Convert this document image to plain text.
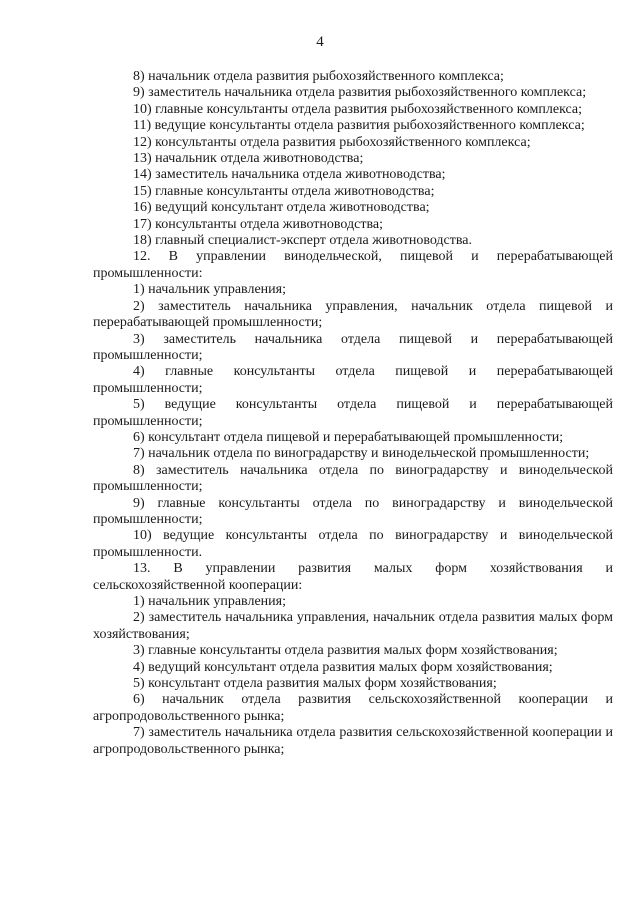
4

8) начальник отдела развития рыбохозяйственного комплекса;

9) заместитель начальника отдела развития рыбохозяйственного комплекса;

10) главные консультанты отдела развития рыбохозяйственного комплекса;

11) ведущие консультанты отдела развития рыбохозяйственного комплекса;

12) консультанты отдела развития рыбохозяйственного комплекса;

13) начальник отдела животноводства;

14) заместитель начальника отдела животноводства;

15) главные консультанты отдела животноводства;

16) ведущий консультант отдела животноводства;

17) консультанты отдела животноводства;

18) главный специалист-эксперт отдела животноводства.

12. В управлении винодельческой, пищевой и перерабатывающей промышленности:

1) начальник управления;

2) заместитель начальника управления, начальник отдела пищевой и перерабатывающей промышленности;

3) заместитель начальника отдела пищевой и перерабатывающей промышленности;

4) главные консультанты отдела пищевой и перерабатывающей промышленности;

5) ведущие консультанты отдела пищевой и перерабатывающей промышленности;

6) консультант отдела пищевой и перерабатывающей промышленности;

7) начальник отдела по виноградарству и винодельческой промышленности;

8) заместитель начальника отдела по виноградарству и винодельческой промышленности;

9) главные консультанты отдела по виноградарству и винодельческой промышленности;

10) ведущие консультанты отдела по виноградарству и винодельческой промышленности.

13. В управлении развития малых форм хозяйствования и сельскохозяйственной кооперации:

1) начальник управления;

2) заместитель начальника управления, начальник отдела развития малых форм хозяйствования;

3) главные консультанты отдела развития малых форм хозяйствования;

4) ведущий консультант отдела развития малых форм хозяйствования;

5) консультант отдела развития малых форм хозяйствования;

6) начальник отдела развития сельскохозяйственной кооперации и агропродовольственного рынка;

7) заместитель начальника отдела развития сельскохозяйственной кооперации и агропродовольственного рынка;
